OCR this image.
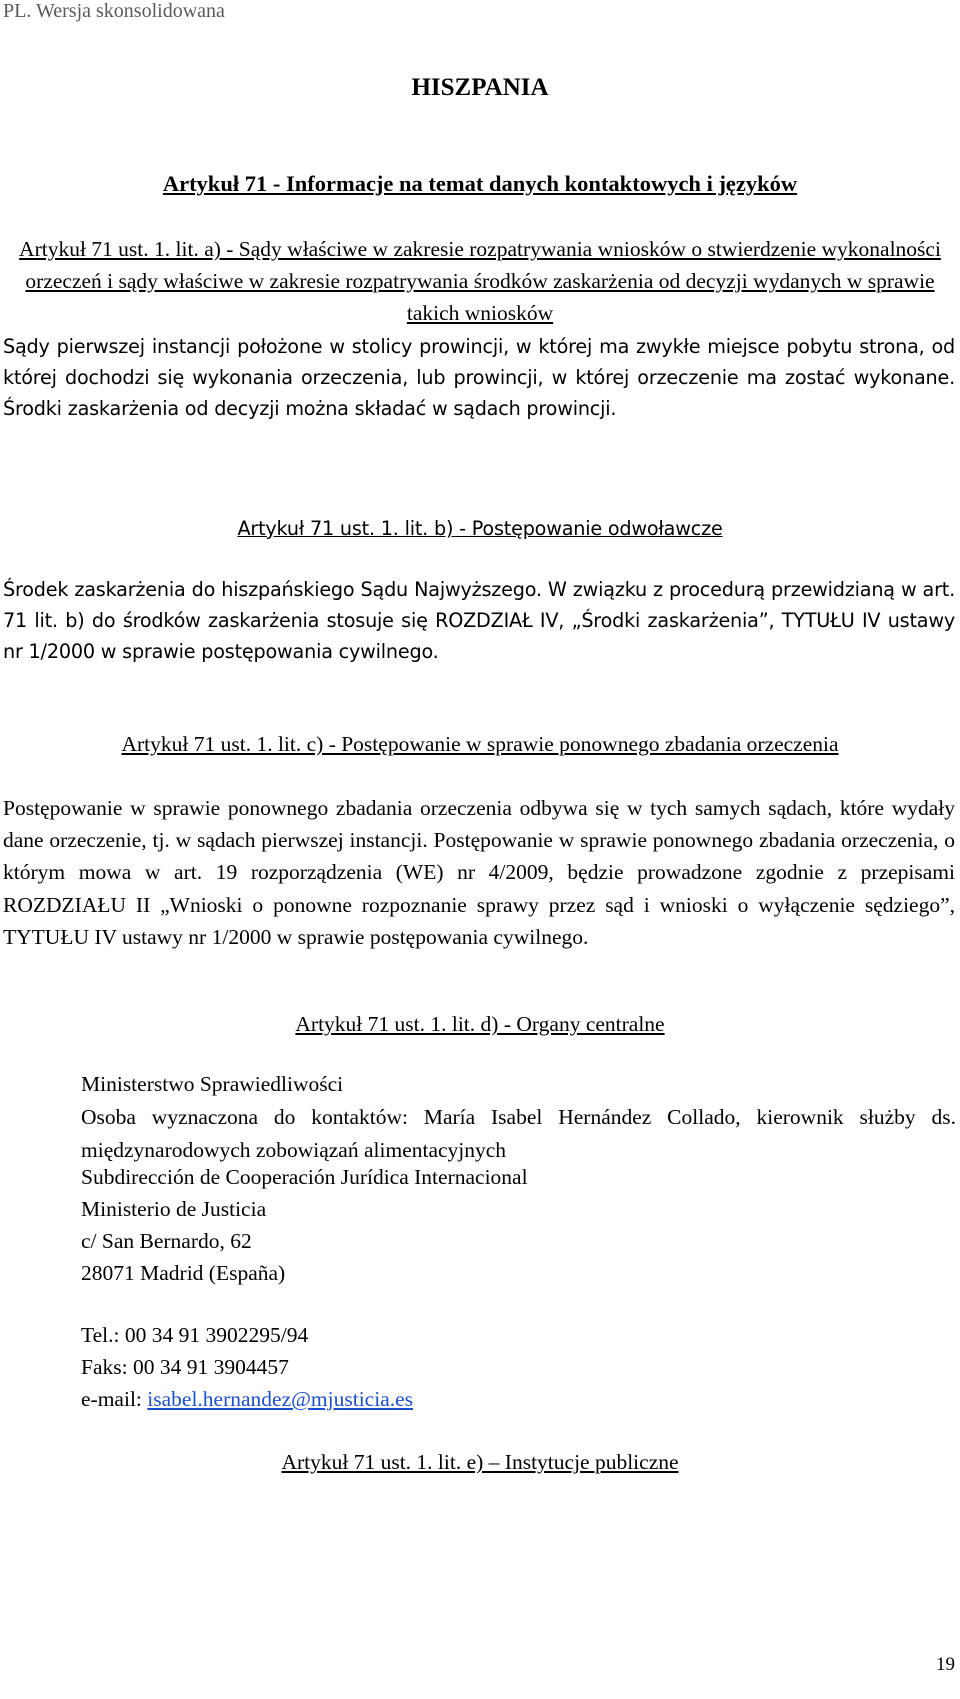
PL. Wersja skonsolidowana
HISZPANIA
Artykuł 71 - Informacje na temat danych kontaktowych i języków
Artykuł 71 ust. 1. lit. a) - Sądy właściwe w zakresie rozpatrywania wniosków o stwierdzenie wykonalności orzeczeń i sądy właściwe w zakresie rozpatrywania środków zaskarżenia od decyzji wydanych w sprawie takich wniosków
Sądy pierwszej instancji położone w stolicy prowincji, w której ma zwykłe miejsce pobytu strona, od której dochodzi się wykonania orzeczenia, lub prowincji, w której orzeczenie ma zostać wykonane. Środki zaskarżenia od decyzji można składać w sądach prowincji.
Artykuł 71 ust. 1. lit. b) - Postępowanie odwoławcze
Środek zaskarżenia do hiszpańskiego Sądu Najwyższego. W związku z procedurą przewidzianą w art. 71 lit. b) do środków zaskarżenia stosuje się ROZDZIAŁ IV, „Środki zaskarżenia”, TYTUŁU IV ustawy nr 1/2000 w sprawie postępowania cywilnego.
Artykuł 71 ust. 1. lit. c) - Postępowanie w sprawie ponownego zbadania orzeczenia
Postępowanie w sprawie ponownego zbadania orzeczenia odbywa się w tych samych sądach, które wydały dane orzeczenie, tj. w sądach pierwszej instancji. Postępowanie w sprawie ponownego zbadania orzeczenia, o którym mowa w art. 19 rozporządzenia (WE) nr 4/2009, będzie prowadzone zgodnie z przepisami ROZDZIAŁU II „Wnioski o ponowne rozpoznanie sprawy przez sąd i wnioski o wyłączenie sędziego”, TYTUŁU IV ustawy nr 1/2000 w sprawie postępowania cywilnego.
Artykuł 71 ust. 1. lit. d) - Organy centralne
Ministerstwo Sprawiedliwości
Osoba wyznaczona do kontaktów: María Isabel Hernández Collado, kierownik służby ds. międzynarodowych zobowiązań alimentacyjnych
Subdirección de Cooperación Jurídica Internacional
Ministerio de Justicia
c/ San Bernardo, 62
28071 Madrid (España)
Tel.: 00 34 91 3902295/94
Faks: 00 34 91 3904457
e-mail: isabel.hernandez@mjusticia.es
Artykuł 71 ust. 1. lit. e) – Instytucje publiczne
19
